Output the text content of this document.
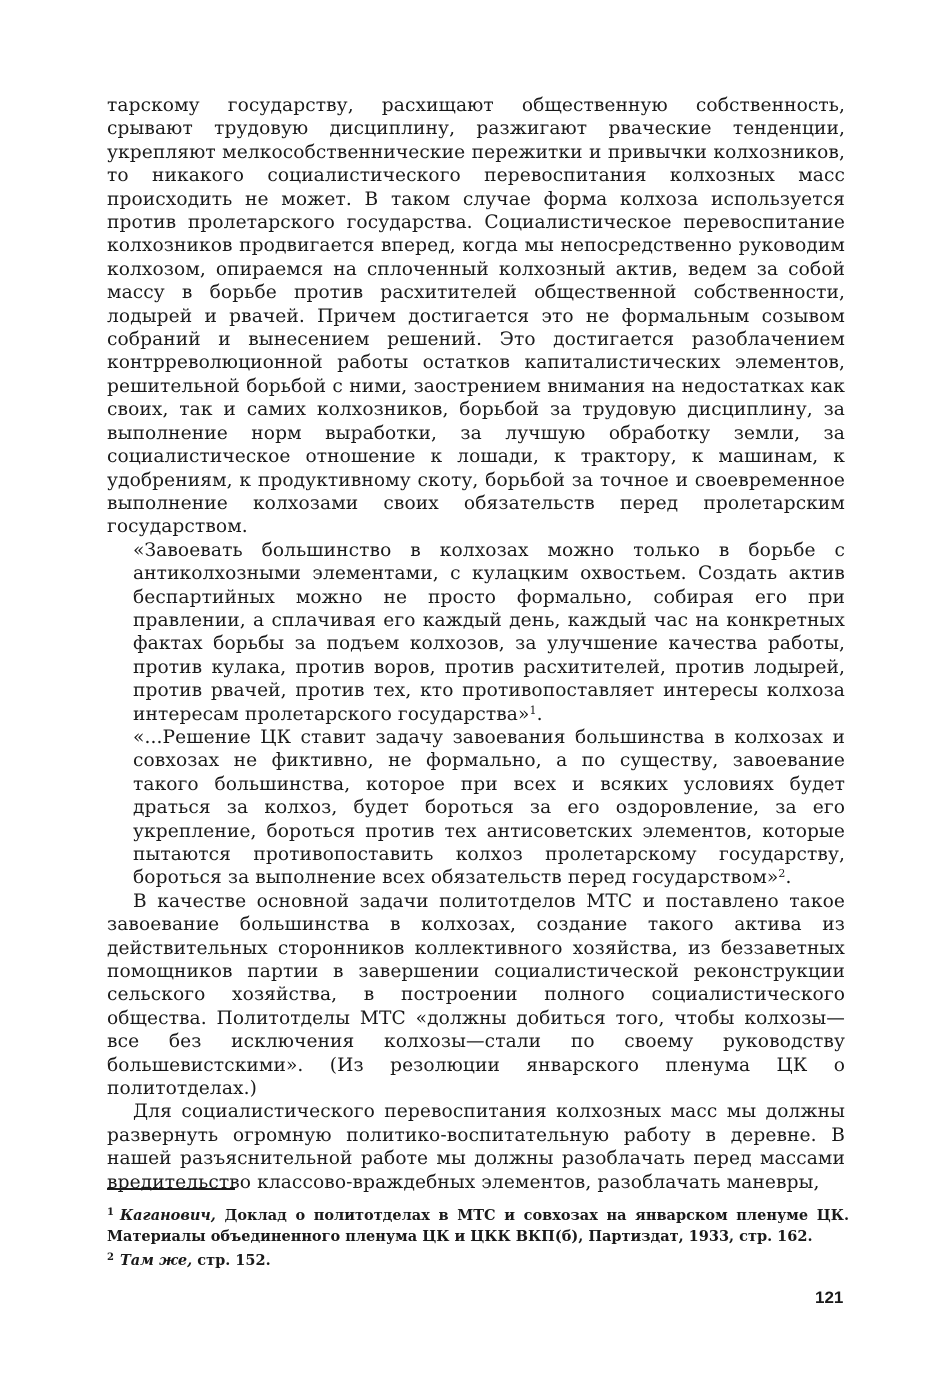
тарскому государству, расхищают общественную собственность, срывают трудовую дисциплину, разжигают рваческие тенденции, укрепляют мелкособственнические пережитки и привычки колхозников, то никакого социалистического перевоспитания колхозных масс происходить не может. В таком случае форма колхоза используется против пролетарского государства. Социалистическое перевоспитание колхозников продвигается вперед, когда мы непосредственно руководим колхозом, опираемся на сплоченный колхозный актив, ведем за собой массу в борьбе против расхитителей общественной собственности, лодырей и рвачей. Причем достигается это не формальным созывом собраний и вынесением решений. Это достигается разоблачением контрреволюционной работы остатков капиталистических элементов, решительной борьбой с ними, заострением внимания на недостатках как своих, так и самих колхозников, борьбой за трудовую дисциплину, за выполнение норм выработки, за лучшую обработку земли, за социалистическое отношение к лошади, к трактору, к машинам, к удобрениям, к продуктивному скоту, борьбой за точное и своевременное выполнение колхозами своих обязательств перед пролетарским государством.

«Завоевать большинство в колхозах можно только в борьбе с антиколхозными элементами, с кулацким охвостьем. Создать актив беспартийных можно не просто формально, собирая его при правлении, а сплачивая его каждый день, каждый час на конкретных фактах борьбы за подъем колхозов, за улучшение качества работы, против кулака, против воров, против расхитителей, против лодырей, против рвачей, против тех, кто противопоставляет интересы колхоза интересам пролетарского государства»$^1$.

«...Решение ЦК ставит задачу завоевания большинства в колхозах и совхозах не фиктивно, не формально, а по существу, завоевание такого большинства, которое при всех и всяких условиях будет драться за колхоз, будет бороться за его оздоровление, за его укрепление, бороться против тех антисоветских элементов, которые пытаются противопоставить колхоз пролетарскому государству, бороться за выполнение всех обязательств перед государством»$^2$.

В качестве основной задачи политотделов МТС и поставлено такое завоевание большинства в колхозах, создание такого актива из действительных сторонников коллективного хозяйства, из беззаветных помощников партии в завершении социалистической реконструкции сельского хозяйства, в построении полного социалистического общества. Политотделы МТС «должны добиться того, чтобы колхозы—все без исключения колхозы—стали по своему руководству большевистскими». (Из резолюции январского пленума ЦК о политотделах.)

Для социалистического перевоспитания колхозных масс мы должны развернуть огромную политико-воспитательную работу в деревне. В нашей разъяснительной работе мы должны разоблачать перед массами вредительство классово-враждебных элементов, разоблачать маневры,

$^1$ Каганович, Доклад о политотделах в МТС и совхозах на январском пленуме ЦК. Материалы объединенного пленума ЦК и ЦКК ВКП(б), Партиздат, 1933, стр. 162.

$^2$ Там же, стр. 152.

121
